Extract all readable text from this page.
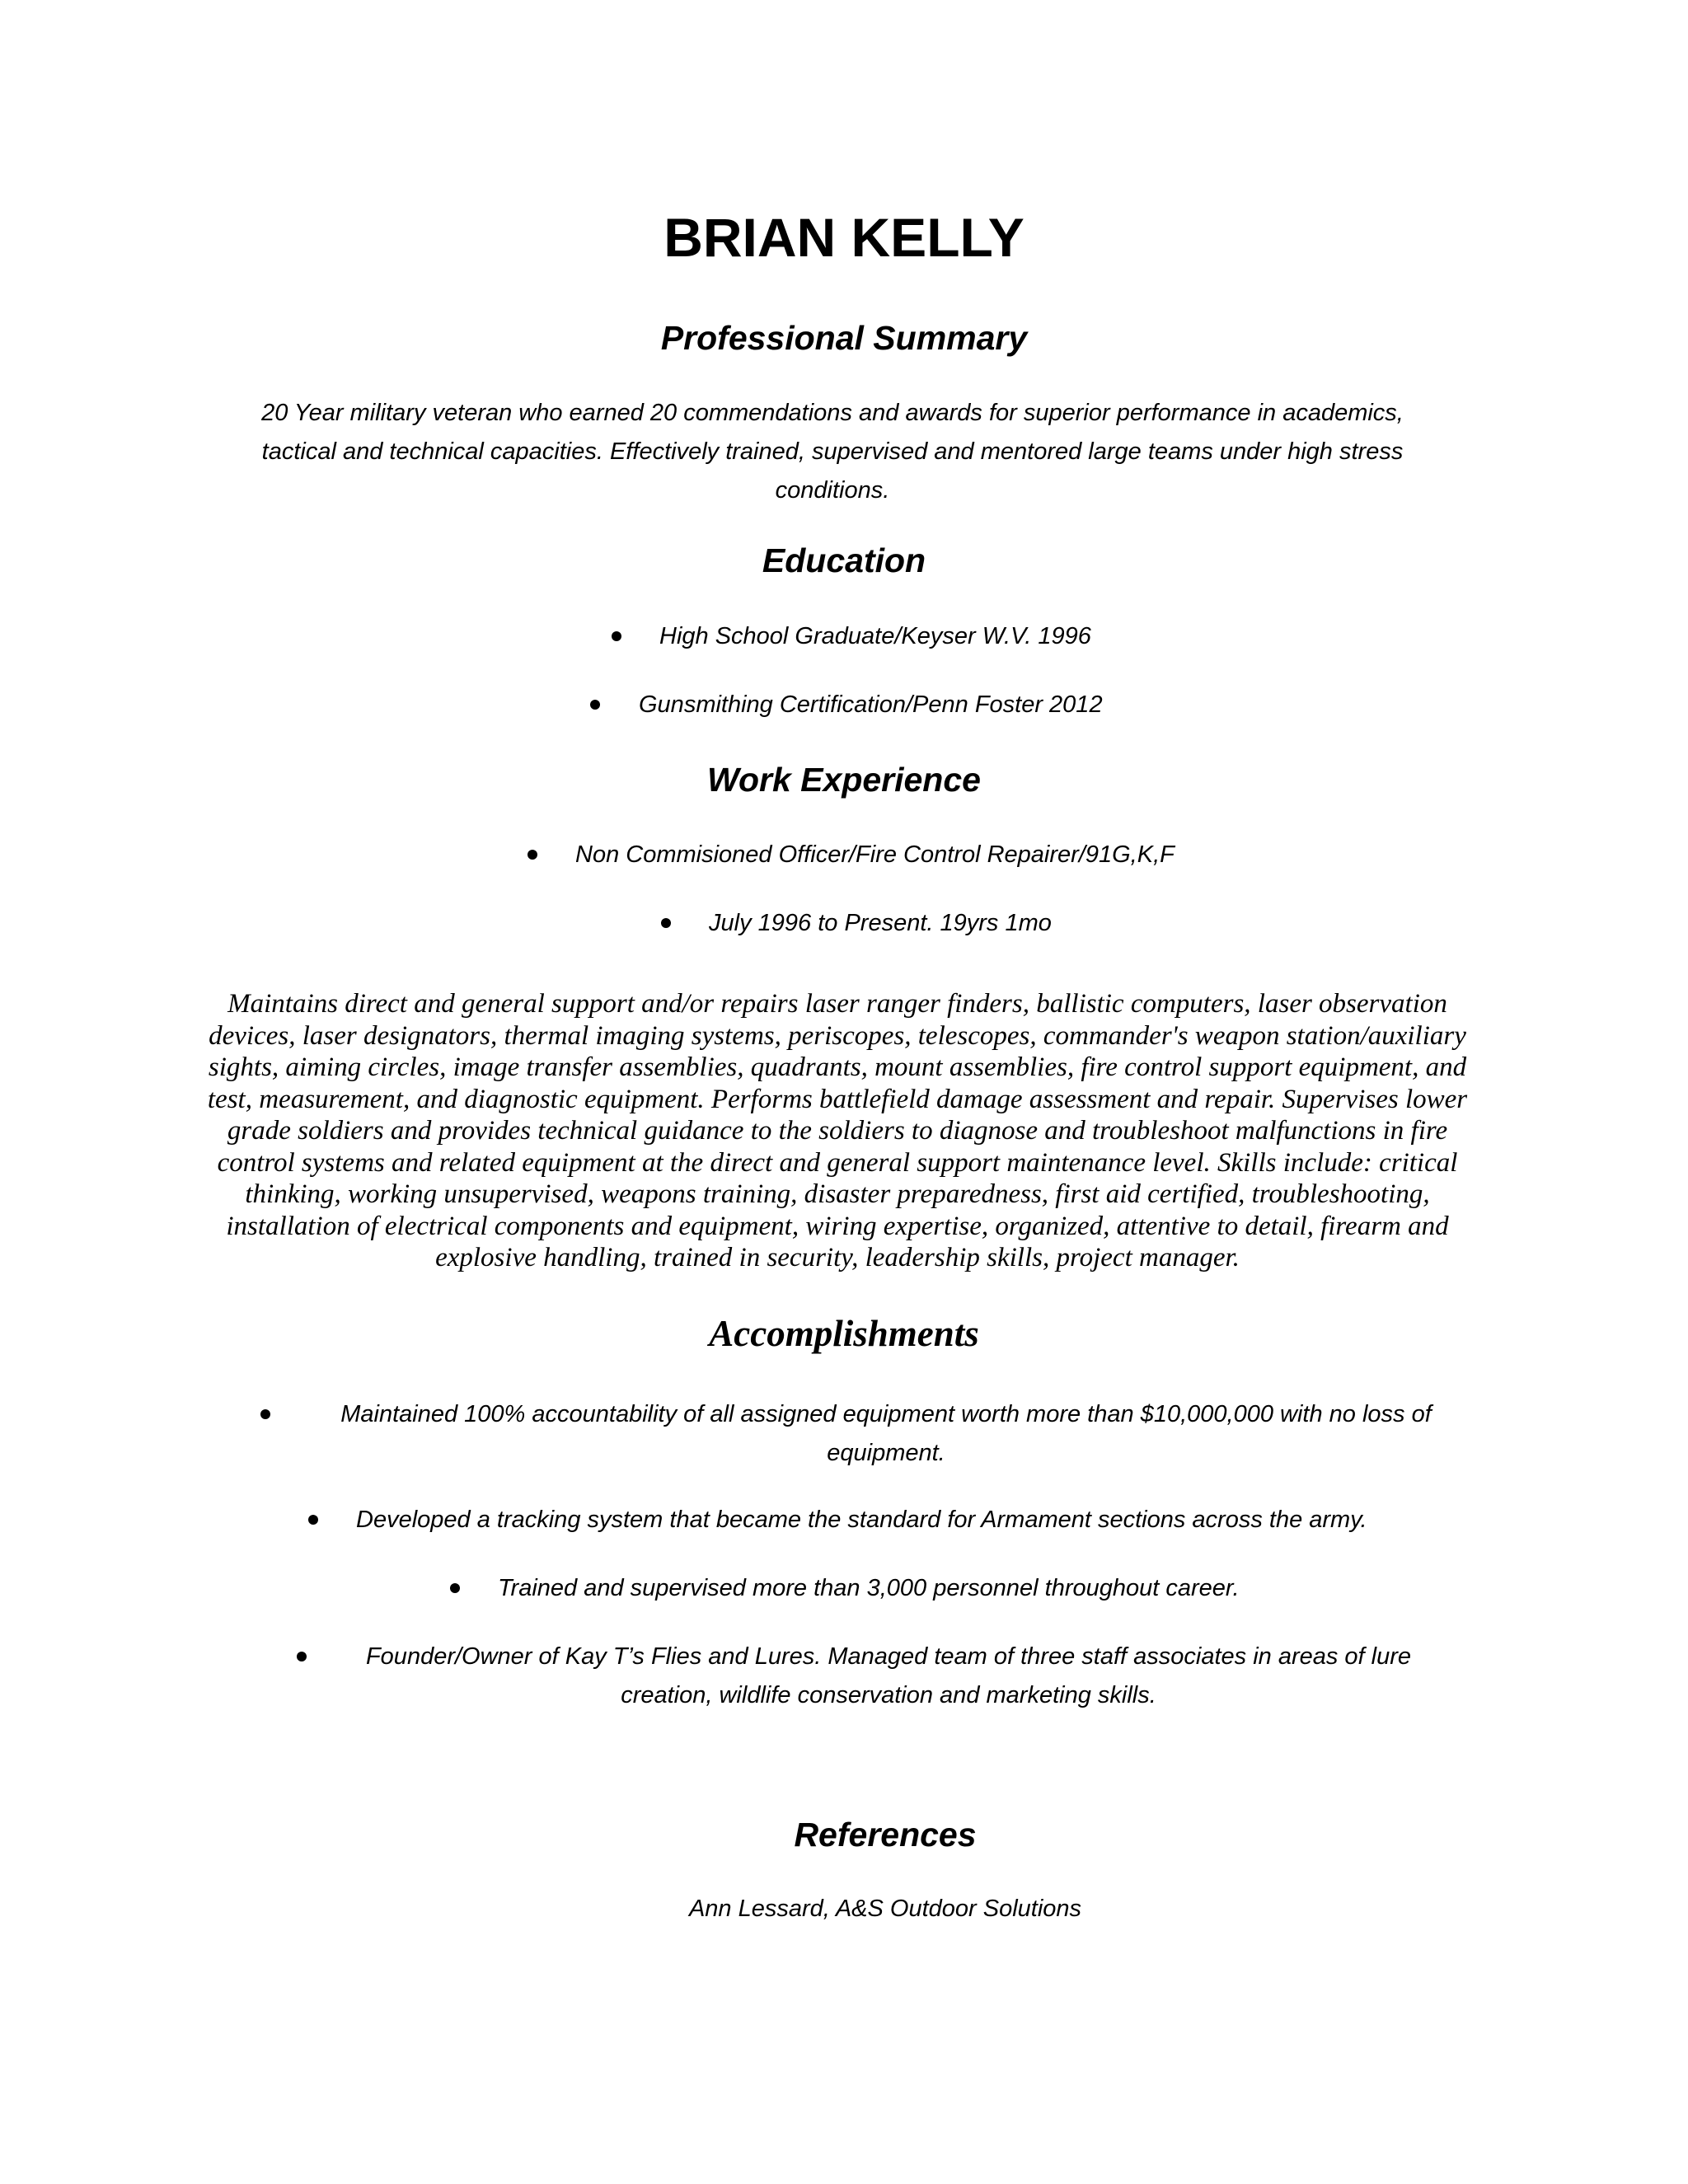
BRIAN KELLY
Professional Summary
20 Year military veteran who earned 20 commendations and awards for superior performance in academics, tactical and technical capacities. Effectively trained, supervised and mentored large teams under high stress conditions.
Education
High School Graduate/Keyser W.V. 1996
Gunsmithing Certification/Penn Foster 2012
Work Experience
Non Commisioned Officer/Fire Control Repairer/91G,K,F
July 1996 to Present. 19yrs 1mo
Maintains direct and general support and/or repairs laser ranger finders, ballistic computers, laser observation devices, laser designators, thermal imaging systems, periscopes, telescopes, commander's weapon station/auxiliary sights, aiming circles, image transfer assemblies, quadrants, mount assemblies, fire control support equipment, and test, measurement, and diagnostic equipment. Performs battlefield damage assessment and repair. Supervises lower grade soldiers and provides technical guidance to the soldiers to diagnose and troubleshoot malfunctions in fire control systems and related equipment at the direct and general support maintenance level. Skills include: critical thinking, working unsupervised, weapons training, disaster preparedness, first aid certified, troubleshooting, installation of electrical components and equipment, wiring expertise, organized, attentive to detail, firearm and explosive handling, trained in security, leadership skills, project manager.
Accomplishments
Maintained 100% accountability of all assigned equipment worth more than $10,000,000 with no loss of equipment.
Developed a tracking system that became the standard for Armament sections across the army.
Trained and supervised more than 3,000 personnel throughout career.
Founder/Owner of Kay T’s Flies and Lures. Managed team of three staff associates in areas of lure creation, wildlife conservation and marketing skills.
References
Ann Lessard, A&S Outdoor Solutions
